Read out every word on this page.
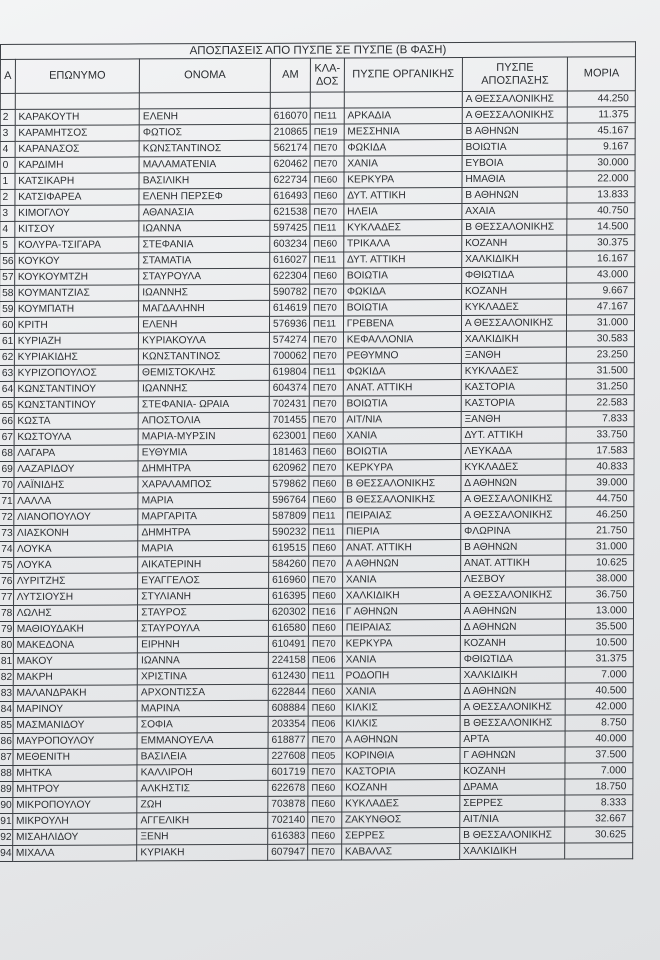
ΑΠΟΣΠΑΣΕΙΣ ΑΠΟ ΠΥΣΠΕ ΣΕ ΠΥΣΠΕ (Β ΦΑΣΗ)							
Α	ΕΠΩΝΥΜΟ	ΟΝΟΜΑ	ΑΜ	ΚΛΑ-ΔΟΣ	ΠΥΣΠΕ ΟΡΓΑΝΙΚΗΣ	ΠΥΣΠΕ ΑΠΟΣΠΑΣΗΣ	ΜΟΡΙΑ
						Α ΘΕΣΣΑΛΟΝΙΚΗΣ	44.250
2	ΚΑΡΑΚΟΥΤΗ	ΕΛΕΝΗ	616070	ΠΕ11	ΑΡΚΑΔΙΑ	Α ΘΕΣΣΑΛΟΝΙΚΗΣ	11.375
3	ΚΑΡΑΜΗΤΣΟΣ	ΦΩΤΙΟΣ	210865	ΠΕ19	ΜΕΣΣΗΝΙΑ	Β ΑΘΗΝΩΝ	45.167
4	ΚΑΡΑΝΑΣΟΣ	ΚΩΝΣΤΑΝΤΙΝΟΣ	562174	ΠΕ70	ΦΩΚΙΔΑ	ΒΟΙΩΤΙΑ	9.167
0	ΚΑΡΔΙΜΗ	ΜΑΛΑΜΑΤΕΝΙΑ	620462	ΠΕ70	ΧΑΝΙΑ	ΕΥΒΟΙΑ	30.000
1	ΚΑΤΣΙΚΑΡΗ	ΒΑΣΙΛΙΚΗ	622734	ΠΕ60	ΚΕΡΚΥΡΑ	ΗΜΑΘΙΑ	22.000
2	ΚΑΤΣΙΦΑΡΕΑ	ΕΛΕΝΗ ΠΕΡΣΕΦ	616493	ΠΕ60	ΔΥΤ. ΑΤΤΙΚΗ	Β ΑΘΗΝΩΝ	13.833
3	ΚΙΜΟΓΛΟΥ	ΑΘΑΝΑΣΙΑ	621538	ΠΕ70	ΗΛΕΙΑ	ΑΧΑΙΑ	40.750
4	ΚΙΤΣΟΥ	ΙΩΑΝΝΑ	597425	ΠΕ11	ΚΥΚΛΑΔΕΣ	Β ΘΕΣΣΑΛΟΝΙΚΗΣ	14.500
5	ΚΟΛΥΡΑ-ΤΣΙΓΑΡΑ	ΣΤΕΦΑΝΙΑ	603234	ΠΕ60	ΤΡΙΚΑΛΑ	ΚΟΖΑΝΗ	30.375
56	ΚΟΥΚΟΥ	ΣΤΑΜΑΤΙΑ	616027	ΠΕ11	ΔΥΤ. ΑΤΤΙΚΗ	ΧΑΛΚΙΔΙΚΗ	16.167
57	ΚΟΥΚΟΥΜΤΖΗ	ΣΤΑΥΡΟΥΛΑ	622304	ΠΕ60	ΒΟΙΩΤΙΑ	ΦΘΙΩΤΙΔΑ	43.000
58	ΚΟΥΜΑΝΤΖΙΑΣ	ΙΩΑΝΝΗΣ	590782	ΠΕ70	ΦΩΚΙΔΑ	ΚΟΖΑΝΗ	9.667
59	ΚΟΥΜΠΑΤΗ	ΜΑΓΔΑΛΗΝΗ	614619	ΠΕ70	ΒΟΙΩΤΙΑ	ΚΥΚΛΑΔΕΣ	47.167
60	ΚΡΙΤΗ	ΕΛΕΝΗ	576936	ΠΕ11	ΓΡΕΒΕΝΑ	Α ΘΕΣΣΑΛΟΝΙΚΗΣ	31.000
61	ΚΥΡΙΑΖΗ	ΚΥΡΙΑΚΟΥΛΑ	574274	ΠΕ70	ΚΕΦΑΛΛΟΝΙΑ	ΧΑΛΚΙΔΙΚΗ	30.583
62	ΚΥΡΙΑΚΙΔΗΣ	ΚΩΝΣΤΑΝΤΙΝΟΣ	700062	ΠΕ70	ΡΕΘΥΜΝΟ	ΞΑΝΘΗ	23.250
63	ΚΥΡΙΖΟΠΟΥΛΟΣ	ΘΕΜΙΣΤΟΚΛΗΣ	619804	ΠΕ11	ΦΩΚΙΔΑ	ΚΥΚΛΑΔΕΣ	31.500
64	ΚΩΝΣΤΑΝΤΙΝΟΥ	ΙΩΑΝΝΗΣ	604374	ΠΕ70	ΑΝΑΤ. ΑΤΤΙΚΗ	ΚΑΣΤΟΡΙΑ	31.250
65	ΚΩΝΣΤΑΝΤΙΝΟΥ	ΣΤΕΦΑΝΙΑ- ΩΡΑΙΑ	702431	ΠΕ70	ΒΟΙΩΤΙΑ	ΚΑΣΤΟΡΙΑ	22.583
66	ΚΩΣΤΑ	ΑΠΟΣΤΟΛΙΑ	701455	ΠΕ70	ΑΙΤ/ΝΙΑ	ΞΑΝΘΗ	7.833
67	ΚΩΣΤΟΥΛΑ	ΜΑΡΙΑ-ΜΥΡΣΙΝ	623001	ΠΕ60	ΧΑΝΙΑ	ΔΥΤ. ΑΤΤΙΚΗ	33.750
68	ΛΑΓΑΡΑ	ΕΥΘΥΜΙΑ	181463	ΠΕ60	ΒΟΙΩΤΙΑ	ΛΕΥΚΑΔΑ	17.583
69	ΛΑΖΑΡΙΔΟΥ	ΔΗΜΗΤΡΑ	620962	ΠΕ70	ΚΕΡΚΥΡΑ	ΚΥΚΛΑΔΕΣ	40.833
70	ΛΑΪΝΙΔΗΣ	ΧΑΡΑΛΑΜΠΟΣ	579862	ΠΕ60	Β ΘΕΣΣΑΛΟΝΙΚΗΣ	Δ ΑΘΗΝΩΝ	39.000
71	ΛΑΛΛΑ	ΜΑΡΙΑ	596764	ΠΕ60	Β ΘΕΣΣΑΛΟΝΙΚΗΣ	Α ΘΕΣΣΑΛΟΝΙΚΗΣ	44.750
72	ΛΙΑΝΟΠΟΥΛΟΥ	ΜΑΡΓΑΡΙΤΑ	587809	ΠΕ11	ΠΕΙΡΑΙΑΣ	Α ΘΕΣΣΑΛΟΝΙΚΗΣ	46.250
73	ΛΙΑΣΚΟΝΗ	ΔΗΜΗΤΡΑ	590232	ΠΕ11	ΠΙΕΡΙΑ	ΦΛΩΡΙΝΑ	21.750
74	ΛΟΥΚΑ	ΜΑΡΙΑ	619515	ΠΕ60	ΑΝΑΤ. ΑΤΤΙΚΗ	Β ΑΘΗΝΩΝ	31.000
75	ΛΟΥΚΑ	ΑΙΚΑΤΕΡΙΝΗ	584260	ΠΕ70	Α ΑΘΗΝΩΝ	ΑΝΑΤ. ΑΤΤΙΚΗ	10.625
76	ΛΥΡΙΤΖΗΣ	ΕΥΑΓΓΕΛΟΣ	616960	ΠΕ70	ΧΑΝΙΑ	ΛΕΣΒΟΥ	38.000
77	ΛΥΤΣΙΟΥΣΗ	ΣΤΥΛΙΑΝΗ	616395	ΠΕ60	ΧΑΛΚΙΔΙΚΗ	Α ΘΕΣΣΑΛΟΝΙΚΗΣ	36.750
78	ΛΩΛΗΣ	ΣΤΑΥΡΟΣ	620302	ΠΕ16	Γ ΑΘΗΝΩΝ	Α ΑΘΗΝΩΝ	13.000
79	ΜΑΘΙΟΥΔΑΚΗ	ΣΤΑΥΡΟΥΛΑ	616580	ΠΕ60	ΠΕΙΡΑΙΑΣ	Δ ΑΘΗΝΩΝ	35.500
80	ΜΑΚΕΔΟΝΑ	ΕΙΡΗΝΗ	610491	ΠΕ70	ΚΕΡΚΥΡΑ	ΚΟΖΑΝΗ	10.500
81	ΜΑΚΟΥ	ΙΩΑΝΝΑ	224158	ΠΕ06	ΧΑΝΙΑ	ΦΘΙΩΤΙΔΑ	31.375
82	ΜΑΚΡΗ	ΧΡΙΣΤΙΝΑ	612430	ΠΕ11	ΡΟΔΟΠΗ	ΧΑΛΚΙΔΙΚΗ	7.000
83	ΜΑΛΑΝΔΡΑΚΗ	ΑΡΧΟΝΤΙΣΣΑ	622844	ΠΕ60	ΧΑΝΙΑ	Δ ΑΘΗΝΩΝ	40.500
84	ΜΑΡΙΝΟΥ	ΜΑΡΙΝΑ	608884	ΠΕ60	ΚΙΛΚΙΣ	Α ΘΕΣΣΑΛΟΝΙΚΗΣ	42.000
85	ΜΑΣΜΑΝΙΔΟΥ	ΣΟΦΙΑ	203354	ΠΕ06	ΚΙΛΚΙΣ	Β ΘΕΣΣΑΛΟΝΙΚΗΣ	8.750
86	ΜΑΥΡΟΠΟΥΛΟΥ	ΕΜΜΑΝΟΥΕΛΑ	618877	ΠΕ70	Α ΑΘΗΝΩΝ	ΑΡΤΑ	40.000
87	ΜΕΘΕΝΙΤΗ	ΒΑΣΙΛΕΙΑ	227608	ΠΕ05	ΚΟΡΙΝΘΙΑ	Γ ΑΘΗΝΩΝ	37.500
88	ΜΗΤΚΑ	ΚΑΛΛΙΡΟΗ	601719	ΠΕ70	ΚΑΣΤΟΡΙΑ	ΚΟΖΑΝΗ	7.000
89	ΜΗΤΡΟΥ	ΑΛΚΗΣΤΙΣ	622678	ΠΕ60	ΚΟΖΑΝΗ	ΔΡΑΜΑ	18.750
90	ΜΙΚΡΟΠΟΥΛΟΥ	ΖΩΗ	703878	ΠΕ60	ΚΥΚΛΑΔΕΣ	ΣΕΡΡΕΣ	8.333
91	ΜΙΚΡΟΥΛΗ	ΑΓΓΕΛΙΚΗ	702140	ΠΕ70	ΖΑΚΥΝΘΟΣ	ΑΙΤ/ΝΙΑ	32.667
92	ΜΙΣΑΗΛΙΔΟΥ	ΞΕΝΗ	616383	ΠΕ60	ΣΕΡΡΕΣ	Β ΘΕΣΣΑΛΟΝΙΚΗΣ	30.625
94	ΜΙΧΑΛΑ	ΚΥΡΙΑΚΗ	607947	ΠΕ70	ΚΑΒΑΛΑΣ	ΧΑΛΚΙΔΙΚΗ	
